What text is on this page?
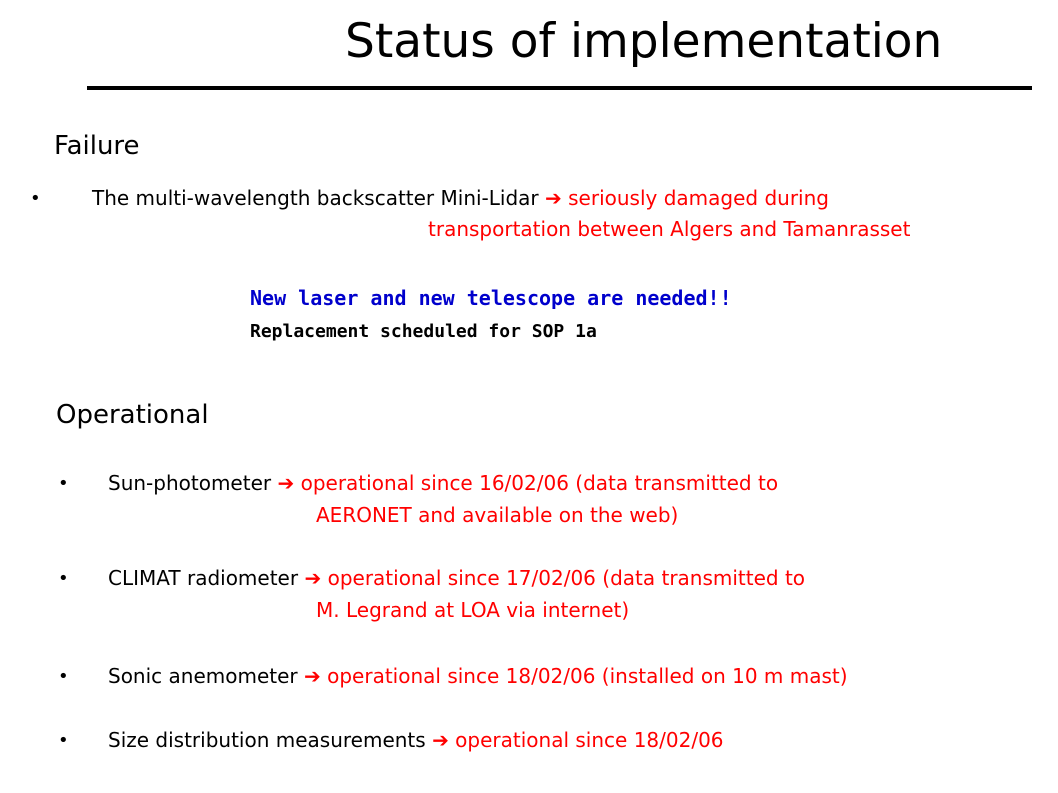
Status of implementation
Failure
•	The multi-wavelength backscatter Mini-Lidar ➔ seriously damaged during
transportation between Algers and Tamanrasset
New laser and new telescope are needed!!
Replacement scheduled for SOP 1a
Operational
• Sun-photometer ➔ operational since 16/02/06 (data transmitted to
AERONET and available on the web)
• CLIMAT radiometer ➔ operational since 17/02/06 (data transmitted to
M. Legrand at LOA via internet)
• Sonic anemometer ➔ operational since 18/02/06 (installed on 10 m mast)
• Size distribution measurements ➔ operational since 18/02/06
